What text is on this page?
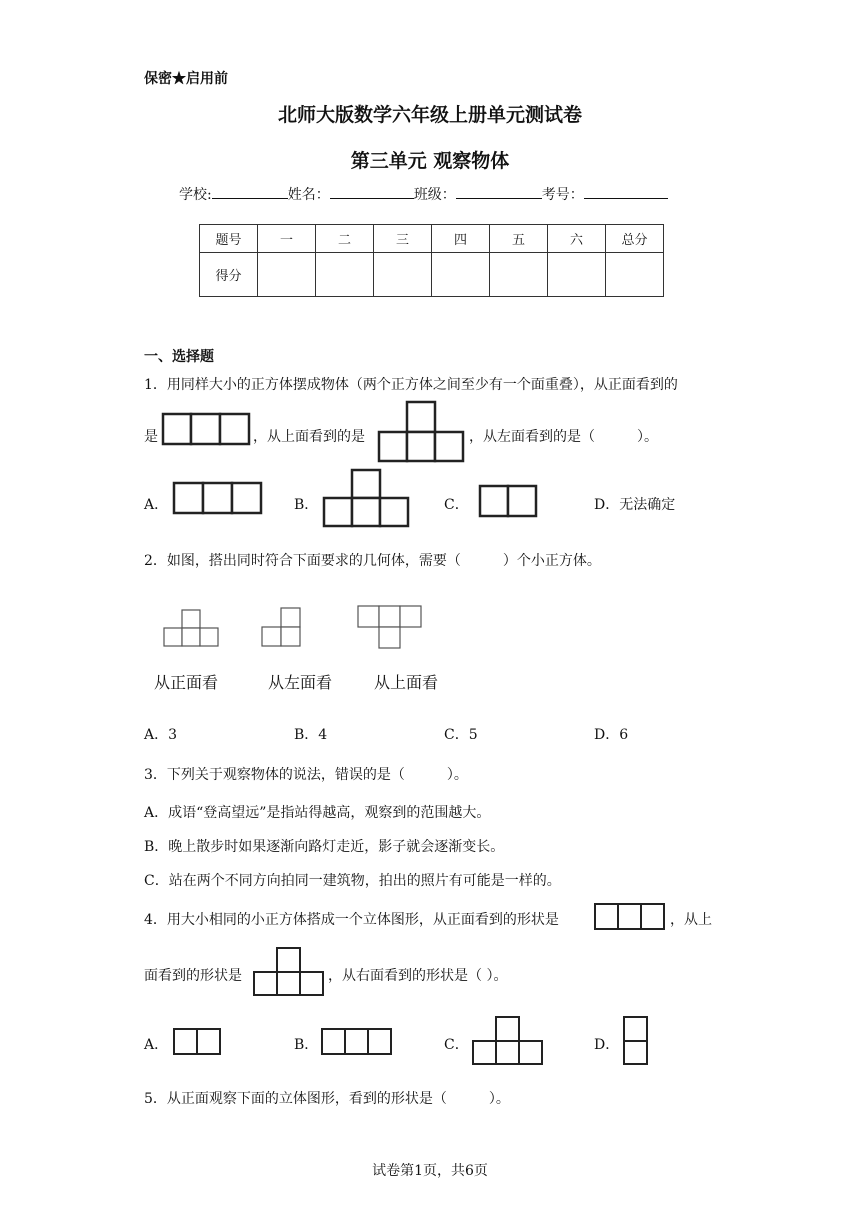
保密★启用前
北师大版数学六年级上册单元测试卷
第三单元 观察物体
学校:	姓名：	班级：	考号：
题号	一	二	三	四	五	六	总分
得分							
一、选择题
1．用同样大小的正方体摆成物体（两个正方体之间至少有一个面重叠），从正面看到的
是	，从上面看到的是	，从左面看到的是（　　　）。
A．	B．	C．	D．无法确定
2．如图，搭出同时符合下面要求的几何体，需要（　　　）个小正方体。
从正面看	从左面看	从上面看
A．3	B．4	C．5	D．6
3．下列关于观察物体的说法，错误的是（　　　）。
A．成语“登高望远”是指站得越高，观察到的范围越大。
B．晚上散步时如果逐渐向路灯走近，影子就会逐渐变长。
C．站在两个不同方向拍同一建筑物，拍出的照片有可能是一样的。
4．用大小相同的小正方体搭成一个立体图形，从正面看到的形状是	，从上
面看到的形状是	，从右面看到的形状是（ ）。
A．	B．	C．	D．
5．从正面观察下面的立体图形，看到的形状是（　　　）。
试卷第1页，共6页
